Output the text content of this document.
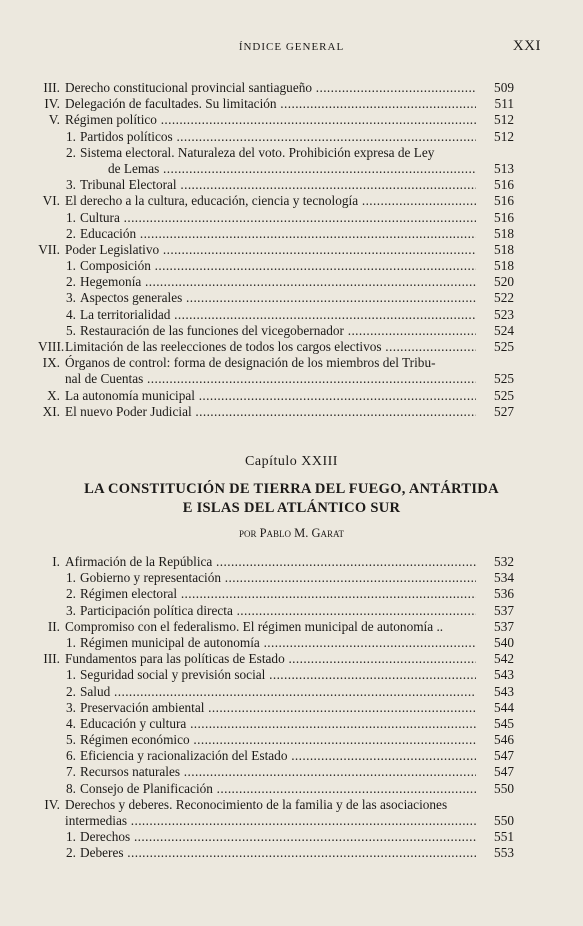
ÍNDICE GENERAL	XXI
III. Derecho constitucional provincial santiagueño .....	509
IV. Delegación de facultades. Su limitación .....	511
V. Régimen político .....	512
1. Partidos políticos .....	512
2. Sistema electoral. Naturaleza del voto. Prohibición expresa de Ley
de Lemas .....	513
3. Tribunal Electoral .....	516
VI. El derecho a la cultura, educación, ciencia y tecnología .....	516
1. Cultura .....	516
2. Educación .....	518
VII. Poder Legislativo .....	518
1. Composición .....	518
2. Hegemonía .....	520
3. Aspectos generales .....	522
4. La territorialidad .....	523
5. Restauración de las funciones del vicegobernador .....	524
VIII. Limitación de las reelecciones de todos los cargos electivos .....	525
IX. Órganos de control: forma de designación de los miembros del Tribu-
nal de Cuentas .....	525
X. La autonomía municipal .....	525
XI. El nuevo Poder Judicial .....	527
Capítulo XXIII
LA CONSTITUCIÓN DE TIERRA DEL FUEGO, ANTÁRTIDA
E ISLAS DEL ATLÁNTICO SUR
por Pablo M. Garat
I. Afirmación de la República .....	532
1. Gobierno y representación .....	534
2. Régimen electoral .....	536
3. Participación política directa .....	537
II. Compromiso con el federalismo. El régimen municipal de autonomía ..	537
1. Régimen municipal de autonomía .....	540
III. Fundamentos para las políticas de Estado .....	542
1. Seguridad social y previsión social .....	543
2. Salud .....	543
3. Preservación ambiental .....	544
4. Educación y cultura .....	545
5. Régimen económico .....	546
6. Eficiencia y racionalización del Estado .....	547
7. Recursos naturales .....	547
8. Consejo de Planificación .....	550
IV. Derechos y deberes. Reconocimiento de la familia y de las asociaciones
intermedias .....	550
1. Derechos .....	551
2. Deberes .....	553
